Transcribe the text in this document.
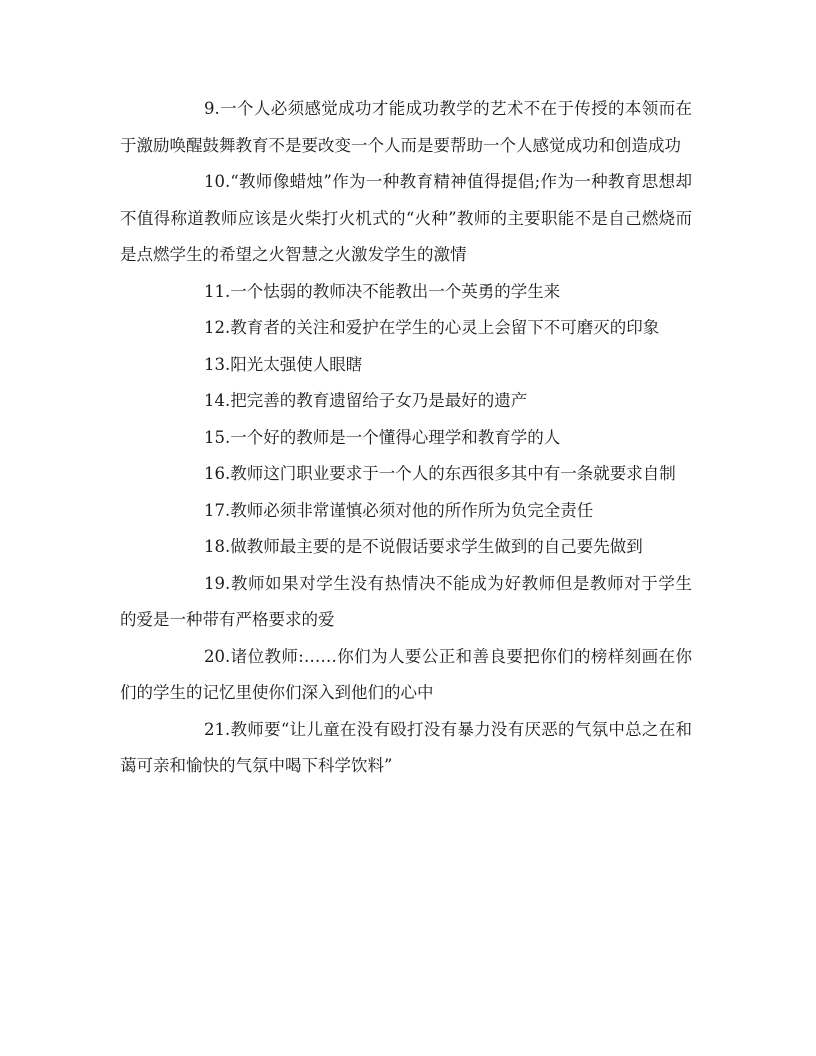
9.一个人必须感觉成功才能成功教学的艺术不在于传授的本领而在于激励唤醒鼓舞教育不是要改变一个人而是要帮助一个人感觉成功和创造成功

10.“教师像蜡烛”作为一种教育精神值得提倡;作为一种教育思想却不值得称道教师应该是火柴打火机式的“火种”教师的主要职能不是自己燃烧而是点燃学生的希望之火智慧之火激发学生的激情

11.一个怯弱的教师决不能教出一个英勇的学生来

12.教育者的关注和爱护在学生的心灵上会留下不可磨灭的印象

13.阳光太强使人眼瞎

14.把完善的教育遗留给子女乃是最好的遗产

15.一个好的教师是一个懂得心理学和教育学的人

16.教师这门职业要求于一个人的东西很多其中有一条就要求自制

17.教师必须非常谨慎必须对他的所作所为负完全责任

18.做教师最主要的是不说假话要求学生做到的自己要先做到

19.教师如果对学生没有热情决不能成为好教师但是教师对于学生的爱是一种带有严格要求的爱

20.诸位教师:……你们为人要公正和善良要把你们的榜样刻画在你们的学生的记忆里使你们深入到他们的心中

21.教师要“让儿童在没有殴打没有暴力没有厌恶的气氛中总之在和蔼可亲和愉快的气氛中喝下科学饮料”
